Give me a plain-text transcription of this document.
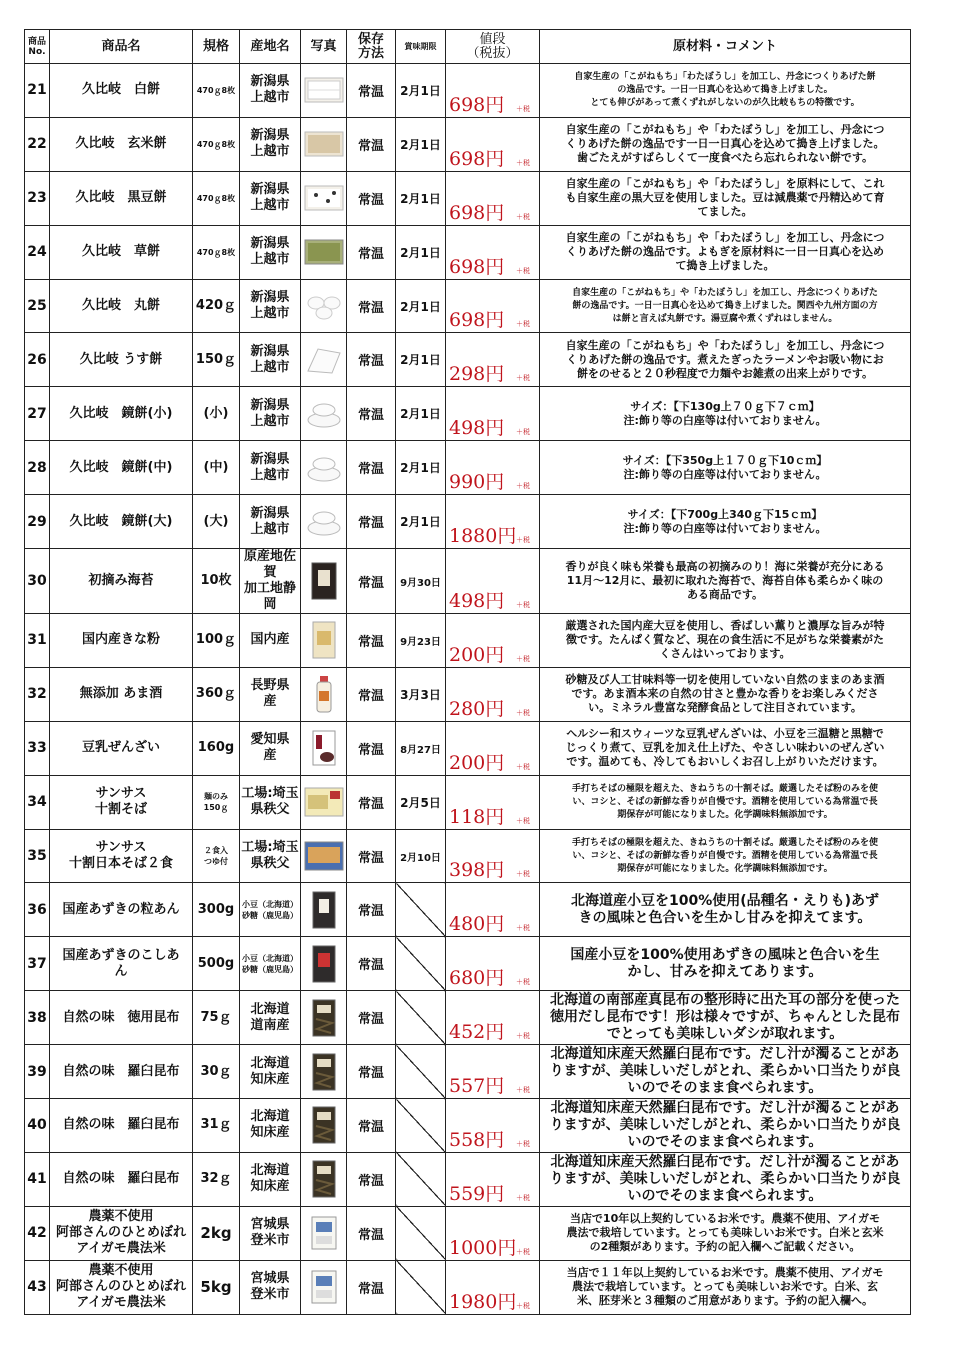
商品
No.	商品名	規格	産地名	写真	保存
方法	賞味期限	値段
（税抜）	原材料・コメント
21	久比岐　白餅	470ｇ8枚	新潟県
上越市		常温	2月1日	698円 ＋税	自家生産の「こがねもち」「わたぼうし」を加工し、丹念につくりあげた餅
の逸品です。一日一日真心を込めて搗き上げました。
とても伸びがあって煮くずれがしないのが久比岐もちの特徴です。
22	久比岐　玄米餅	470ｇ8枚	新潟県
上越市		常温	2月1日	698円 ＋税	自家生産の「こがねもち」や「わたぼうし」を加工し、丹念につ
くりあげた餅の逸品です一日一日真心を込めて搗き上げました。
歯ごたえがすばらしくて一度食べたら忘れられない餅です。
23	久比岐　黒豆餅	470ｇ8枚	新潟県
上越市		常温	2月1日	698円 ＋税	自家生産の「こがねもち」や「わたぼうし」を原料にして、これ
も自家生産の黒大豆を使用しました。豆は減農薬で丹精込めて育
てました。
24	久比岐　草餅	470ｇ8枚	新潟県
上越市		常温	2月1日	698円 ＋税	自家生産の「こがねもち」や「わたぼうし」を加工し、丹念につ
くりあげた餅の逸品です。よもぎを原材料に一日一日真心を込め
て搗き上げました。
25	久比岐　丸餅	420ｇ	新潟県
上越市		常温	2月1日	698円 ＋税	自家生産の「こがねもち」や「わたぼうし」を加工し、丹念につくりあげた
餅の逸品です。一日一日真心を込めて搗き上げました。関西や九州方面の方
は餅と言えば丸餅です。湯豆腐や煮くずれはしません。
26	久比岐 うす餅	150ｇ	新潟県
上越市		常温	2月1日	298円 ＋税	自家生産の「こがねもち」や「わたぼうし」を加工し、丹念につ
くりあげた餅の逸品です。煮えたぎったラーメンやお吸い物にお
餅をのせると２０秒程度で力麺やお雑煮の出来上がりです。
27	久比岐　鏡餅(小)	(小)	新潟県
上越市		常温	2月1日	498円 ＋税	サイズ：【下130g上７０ｇ下７ｃｍ】
注:飾り等の白座等は付いておりません。
28	久比岐　鏡餅(中)	(中)	新潟県
上越市		常温	2月1日	990円 ＋税	サイズ：【下350g上１７０ｇ下10ｃｍ】
注:飾り等の白座等は付いておりません。
29	久比岐　鏡餅(大)	(大)	新潟県
上越市		常温	2月1日	1880円 ＋税	サイズ：【下700g上340ｇ下15ｃｍ】
注:飾り等の白座等は付いておりません。
30	初摘み海苔	10枚	原産地佐賀
加工地静岡		常温	9月30日	498円 ＋税	香りが良く味も栄養も最高の初摘みのり！海に栄養が充分にある
11月～12月に、最初に取れた海苔で、海苔自体も柔らかく味の
ある商品です。
31	国内産きな粉	100ｇ	国内産		常温	9月23日	200円 ＋税	厳選された国内産大豆を使用し、香ばしい薫りと濃厚な旨みが特
徴です。たんぱく質など、現在の食生活に不足がちな栄養素がた
くさんはいっております。
32	無添加 あま酒	360ｇ	長野県
産		常温	3月3日	280円 ＋税	砂糖及び人工甘味料等一切を使用していない自然のままのあま酒
です。あま酒本来の自然の甘さと豊かな香りをお楽しみくださ
い。ミネラル豊富な発酵食品として注目されています。
33	豆乳ぜんざい	160g	愛知県
産		常温	8月27日	200円 ＋税	ヘルシー和スウィーツな豆乳ぜんざいは、小豆を三温糖と黒糖で
じっくり煮て、豆乳を加え仕上げた、やさしい味わいのぜんざい
です。温めても、冷してもおいしくお召し上がりいただけます。
34	サンサス
十割そば	麺のみ
150ｇ	工場:埼玉
県秩父		常温	2月5日	118円 ＋税	手打ちそばの極限を超えた、きねうちの十割そば。厳選したそば粉のみを使
い、コシと、そばの新鮮な香りが自慢です。酒精を使用している為常温で長
期保存が可能になりました。化学調味料無添加です。
35	サンサス
十割日本そば２食	２食入
つゆ付	工場:埼玉
県秩父		常温	2月10日	398円 ＋税	手打ちそばの極限を超えた、きねうちの十割そば。厳選したそば粉のみを使
い、コシと、そばの新鮮な香りが自慢です。酒精を使用している為常温で長
期保存が可能になりました。化学調味料無添加です。
36	国産あずきの粒あん	300g	小豆（北海道）
砂糖（鹿児島）		常温		480円 ＋税	北海道産小豆を100%使用(品種名・えりも)あず
きの風味と色合いを生かし甘みを抑えてます。
37	国産あずきのこしあ
ん	500g	小豆（北海道）
砂糖（鹿児島）		常温		680円 ＋税	国産小豆を100%使用あずきの風味と色合いを生
かし、甘みを抑えてあります。
38	自然の味　徳用昆布	75ｇ	北海道
道南産		常温		452円 ＋税	北海道の南部産真昆布の整形時に出た耳の部分を使った
徳用だし昆布です！形は様々ですが、ちゃんとした昆布
でとっても美味しいダシが取れます。
39	自然の味　羅臼昆布	30ｇ	北海道
知床産		常温		557円 ＋税	北海道知床産天然羅臼昆布です。だし汁が濁ることがあ
りますが、美味しいだしがとれ、柔らかい口当たりが良
いのでそのまま食べられます。
40	自然の味　羅臼昆布	31ｇ	北海道
知床産		常温		558円 ＋税	北海道知床産天然羅臼昆布です。だし汁が濁ることがあ
りますが、美味しいだしがとれ、柔らかい口当たりが良
いのでそのまま食べられます。
41	自然の味　羅臼昆布	32ｇ	北海道
知床産		常温		559円 ＋税	北海道知床産天然羅臼昆布です。だし汁が濁ることがあ
りますが、美味しいだしがとれ、柔らかい口当たりが良
いのでそのまま食べられます。
42	農薬不使用
阿部さんのひとめぼれ
アイガモ農法米	2kg	宮城県
登米市		常温		1000円 ＋税	当店で10年以上契約しているお米です。農薬不使用、アイガモ
農法で栽培しています。とっても美味しいお米です。白米と玄米
の2種類があります。予約の記入欄へご記載ください。
43	農薬不使用
阿部さんのひとめぼれ
アイガモ農法米	5kg	宮城県
登米市		常温		1980円 ＋税	当店で１１年以上契約しているお米です。農薬不使用、アイガモ
農法で栽培しています。とっても美味しいお米です。白米、玄
米、胚芽米と３種類のご用意があります。予約の記入欄へ。
